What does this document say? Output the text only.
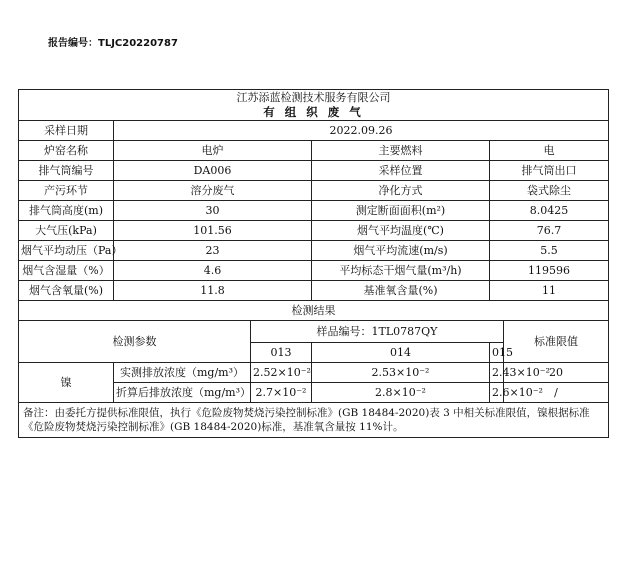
报告编号：TLJC20220787
江苏添蓝检测技术服务有限公司
有 组 织 废 气					

采样日期	2022.09.26				
炉窑名称	电炉		主要燃料	电	
排气筒编号	DA006		采样位置	排气筒出口	
产污环节	溶分废气		净化方式	袋式除尘	
排气筒高度(m)	30		测定断面面积(m²)	8.0425	
大气压(kPa)	101.56		烟气平均温度(℃)	76.7	
烟气平均动压（Pa）	23		烟气平均流速(m/s)	5.5	
烟气含湿量（%）	4.6		平均标态干烟气量(m³/h)	119596	
烟气含氧量(%)	11.8		基准氧含量(%)	11	
检测结果					
检测参数		样品编号：1TL0787QY			标准限值
		013	014	015	
镍	实测排放浓度（mg/m³）	2.52×10⁻²	2.53×10⁻²	2.43×10⁻²	20
	折算后排放浓度（mg/m³）	2.7×10⁻²	2.8×10⁻²	2.6×10⁻²	/
备注：由委托方提供标准限值，执行《危险废物焚烧污染控制标准》(GB 18484-2020)表 3 中相关标准限值，镍根据标准《危险废物焚烧污染控制标准》(GB 18484-2020)标准，基准氧含量按 11%计。					
